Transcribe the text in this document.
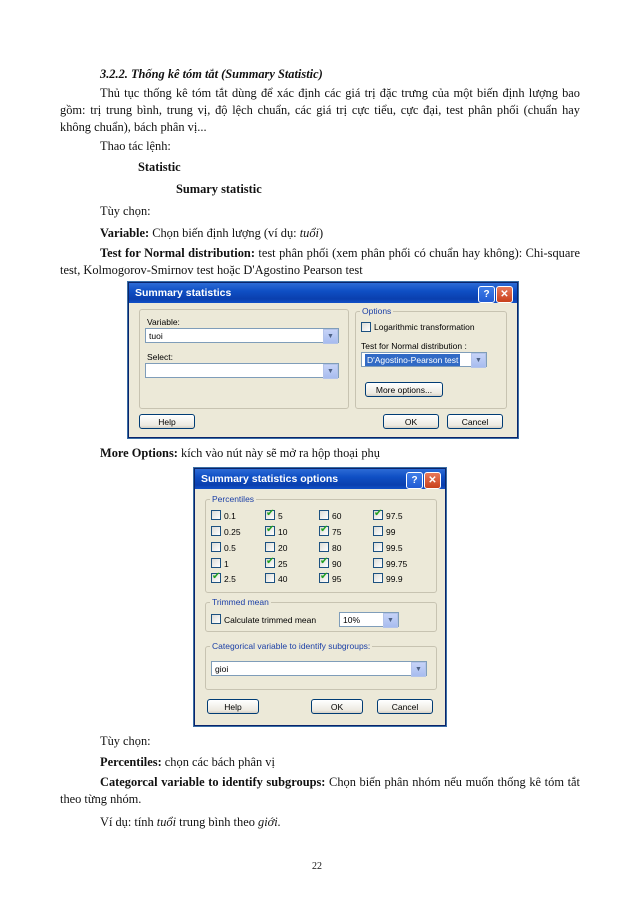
3.2.2. Thống kê tóm tắt (Summary Statistic)
Thủ tục thống kê tóm tắt dùng để xác định các giá trị đặc trưng của một biến định lượng bao gồm: trị trung bình, trung vị, độ lệch chuẩn, các giá trị cực tiểu, cực đại, test phân phối (chuẩn hay không chuẩn), bách phân vị...
Thao tác lệnh:
Statistic
Sumary statistic
Tùy chọn:
Variable: Chọn biến định lượng (ví dụ: tuổi)
Test for Normal distribution: test phân phối (xem phân phối có chuẩn hay không): Chi-square test, Kolmogorov-Smirnov test hoặc D'Agostino Pearson test
Summary statistics	?	✕
Variable:
tuoi	▼
Select:
▼
Options
Logarithmic transformation
Test for Normal distribution :
D'Agostino-Pearson test	▼
More options...
Help	OK	Cancel
More Options: kích vào nút này sẽ mở ra hộp thoại phụ
Summary statistics options	?	✕
Percentiles
Trimmed mean
Calculate trimmed mean	10%	▼
Categorical variable to identify subgroups:
gioi	▼
Help	OK	Cancel
0.1 ✔	5	60 ✔	97.5
0.25 ✔	10 ✔	75	99
0.5	20	80	99.5
1 ✔	25 ✔	90	99.75
✔
2.5	40 ✔	95	99.9
Tùy chọn:
Percentiles: chọn các bách phân vị
Categorcal variable to identify subgroups: Chọn biến phân nhóm nếu muốn thống kê tóm tắt theo từng nhóm.
Ví dụ: tính tuổi trung bình theo giới.
22
